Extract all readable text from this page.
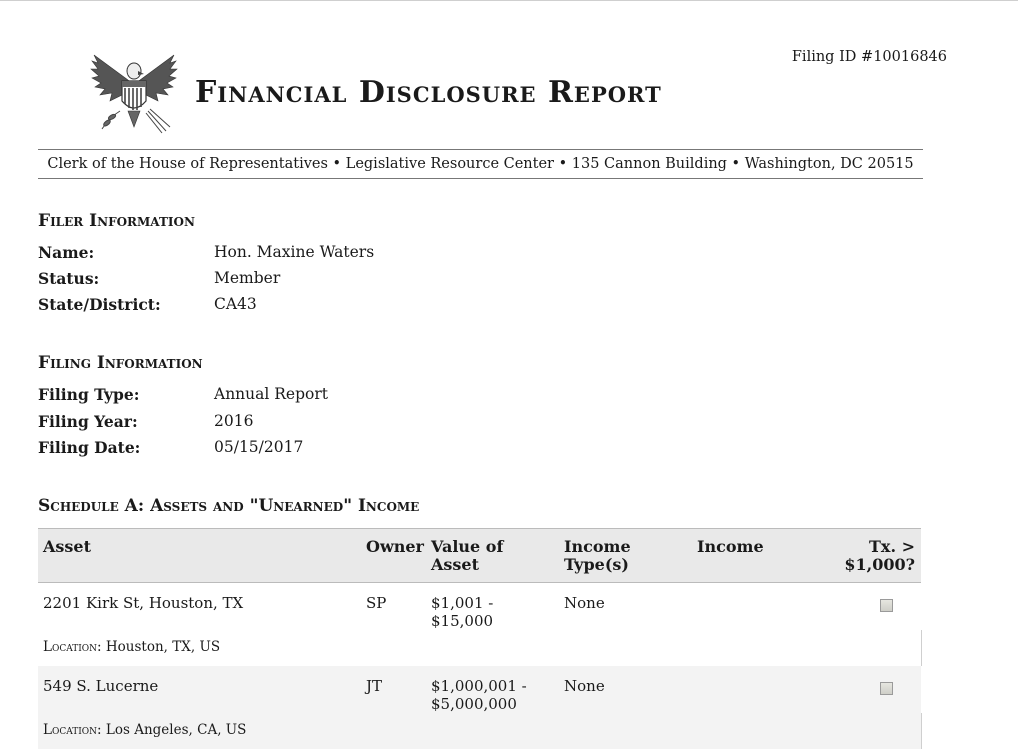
Filing ID #10016846
Financial Disclosure Report
Clerk of the House of Representatives • Legislative Resource Center • 135 Cannon Building • Washington, DC 20515
Filer Information
Name:	Hon. Maxine Waters
Status:	Member
State/District:	CA43
Filing Information
Filing Type:	Annual Report
Filing Year:	2016
Filing Date:	05/15/2017
Schedule A: Assets and "Unearned" Income
Asset	Owner	Value of Asset	Income Type(s)	Income	Tx. > $1,000?
2201 Kirk St, Houston, TX	SP	$1,001 - $15,000	None		
Location: Houston, TX, US					
549 S. Lucerne	JT	$1,000,001 - $5,000,000	None		
Location: Los Angeles, CA, US					
